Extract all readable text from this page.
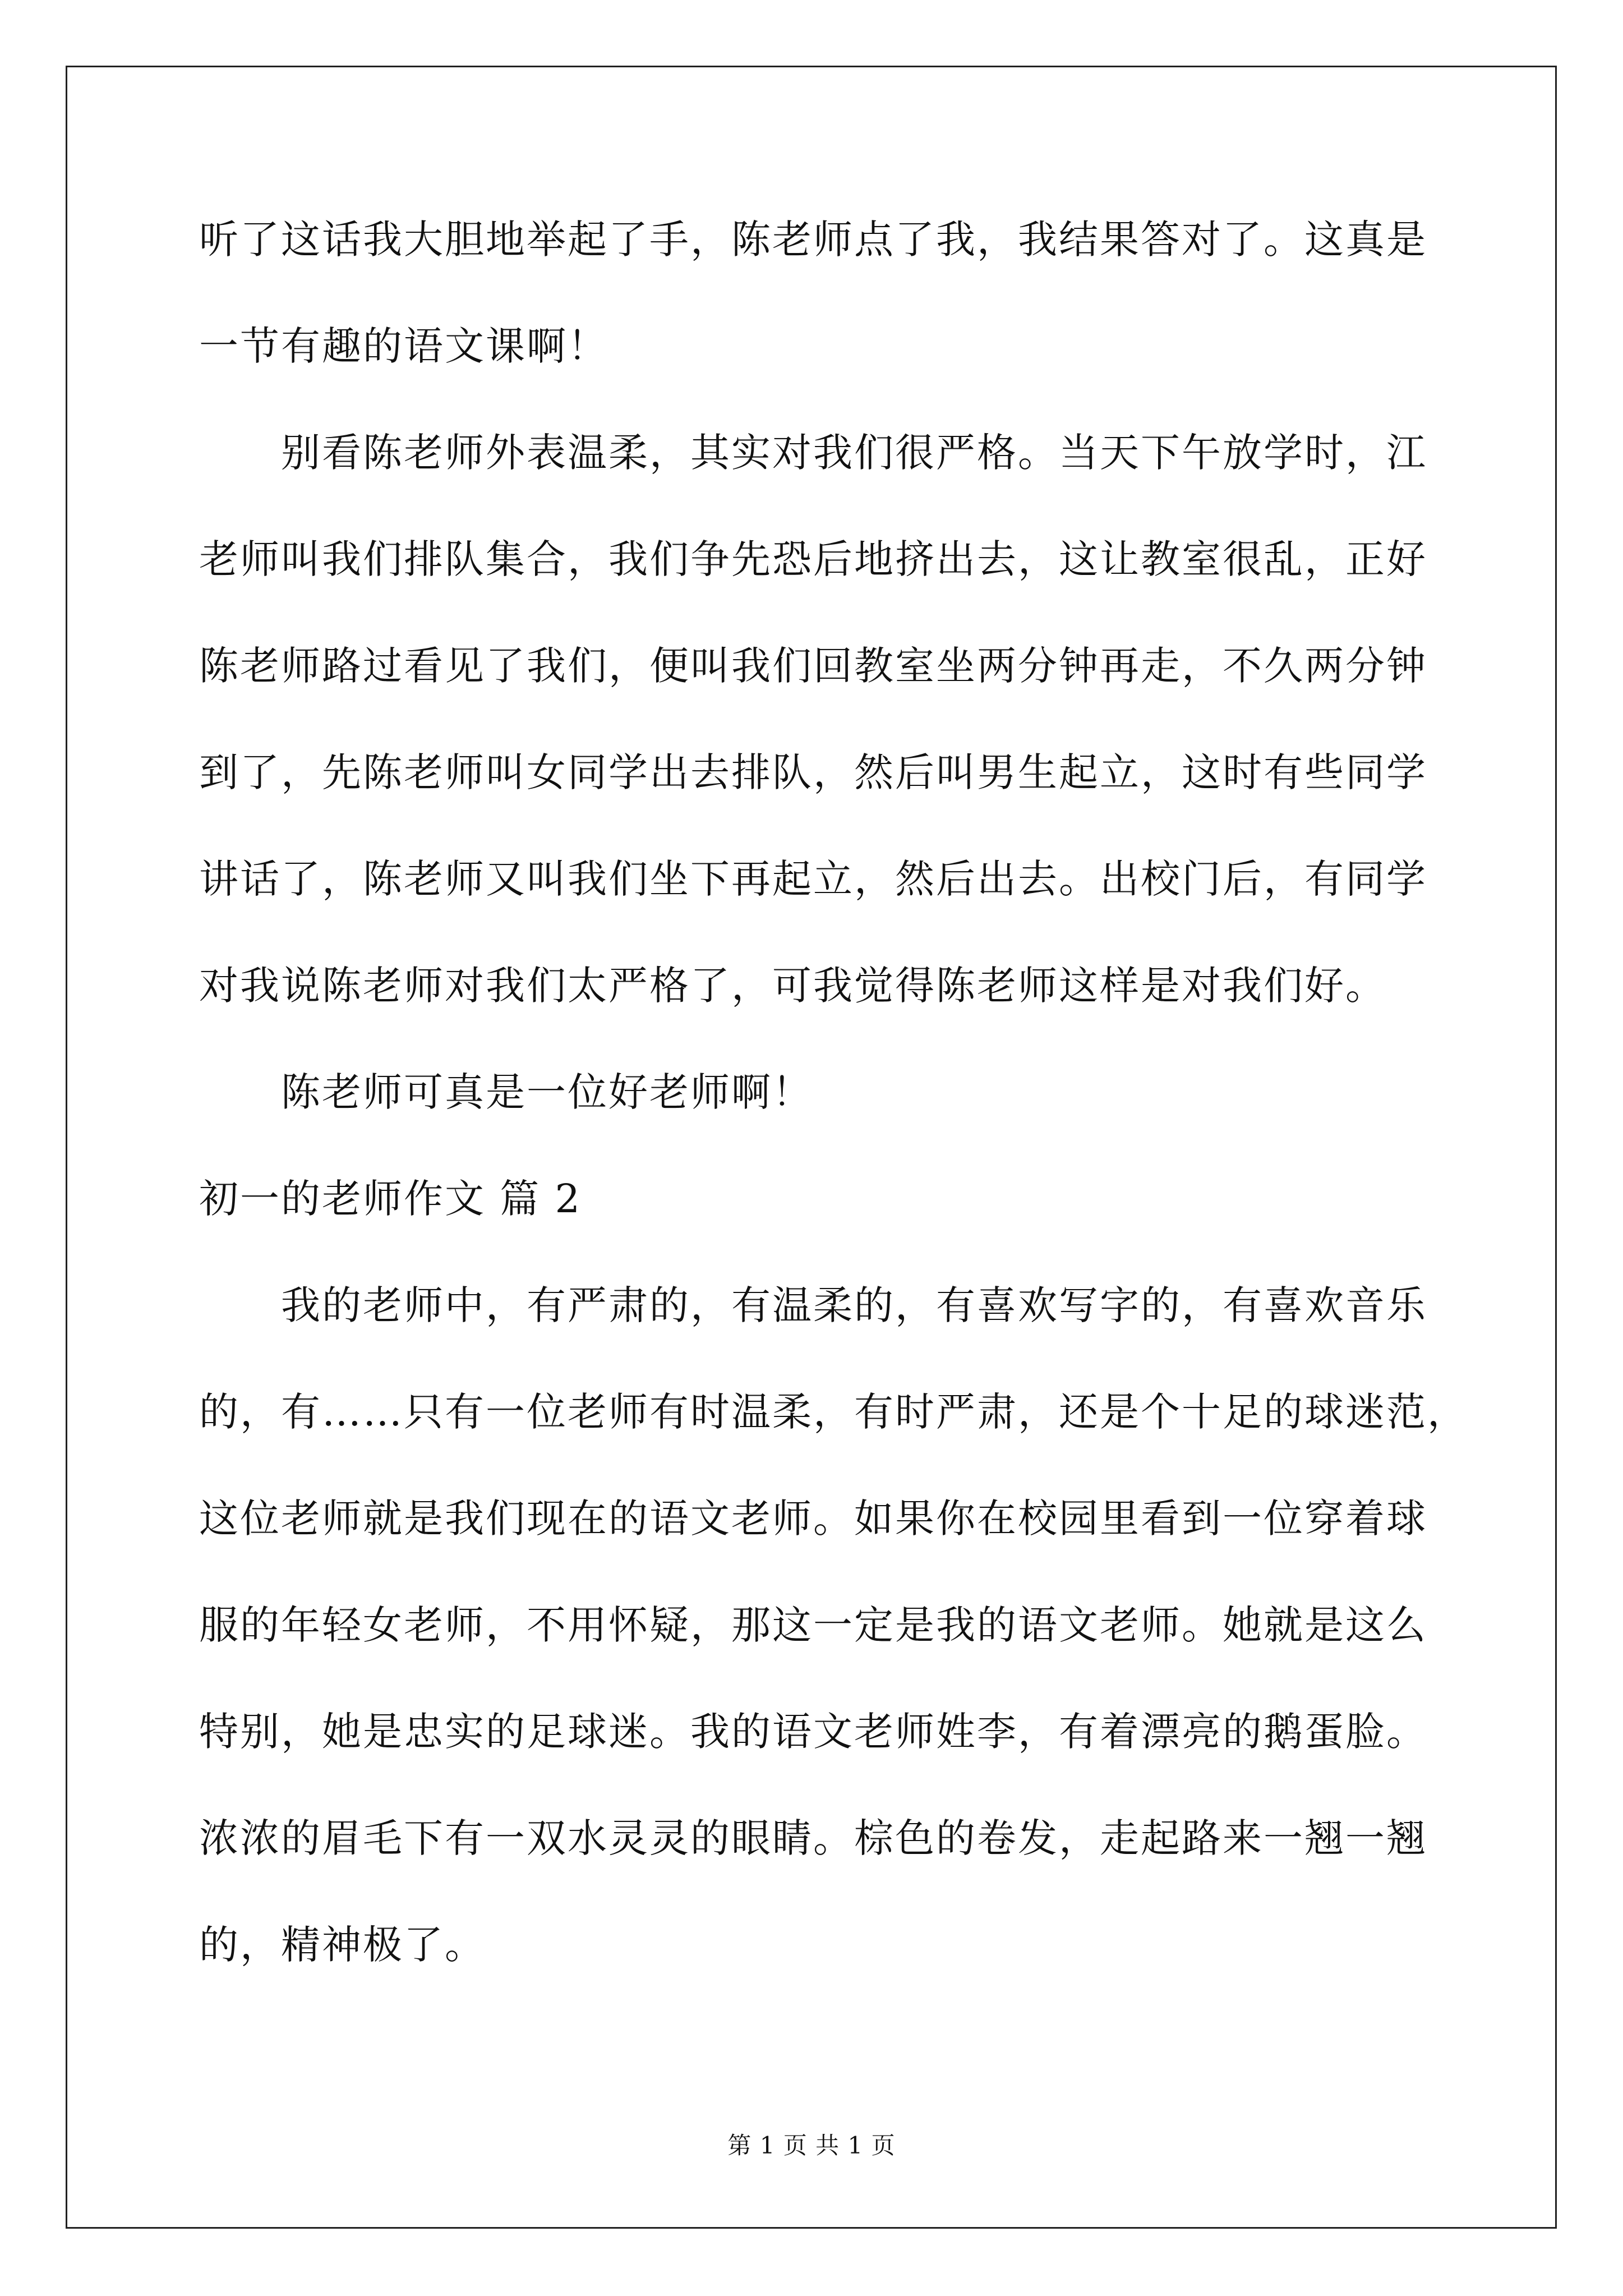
听了这话我大胆地举起了手，陈老师点了我，我结果答对了。这真是
一节有趣的语文课啊！
别看陈老师外表温柔，其实对我们很严格。当天下午放学时，江
老师叫我们排队集合，我们争先恐后地挤出去，这让教室很乱，正好
陈老师路过看见了我们，便叫我们回教室坐两分钟再走，不久两分钟
到了，先陈老师叫女同学出去排队，然后叫男生起立，这时有些同学
讲话了，陈老师又叫我们坐下再起立，然后出去。出校门后，有同学
对我说陈老师对我们太严格了，可我觉得陈老师这样是对我们好。
陈老师可真是一位好老师啊！
初一的老师作文 篇 2
我的老师中，有严肃的，有温柔的，有喜欢写字的，有喜欢音乐
的，有……只有一位老师有时温柔，有时严肃，还是个十足的球迷范，
这位老师就是我们现在的语文老师。如果你在校园里看到一位穿着球
服的年轻女老师，不用怀疑，那这一定是我的语文老师。她就是这么
特别，她是忠实的足球迷。我的语文老师姓李，有着漂亮的鹅蛋脸。
浓浓的眉毛下有一双水灵灵的眼睛。棕色的卷发，走起路来一翘一翘
的，精神极了。
第 1 页 共 1 页
